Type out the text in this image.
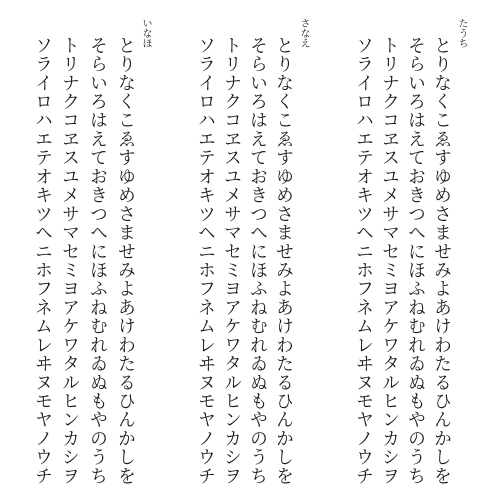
たうち
とりなくこゑすゆめさませみよあけわたるひんかしを
そらいろはえておきつへにほふねむれゐぬもやのうち
トリナクコヱスユメサマセミヨアケワタルヒンカシヲ
ソライロハエテオキツヘニホフネムレヰヌモヤノウチ
さなえ
とりなくこゑすゆめさませみよあけわたるひんかしを
そらいろはえておきつへにほふねむれゐぬもやのうち
トリナクコヱスユメサマセミヨアケワタルヒンカシヲ
ソライロハエテオキツヘニホフネムレヰヌモヤノウチ
いなほ
とりなくこゑすゆめさませみよあけわたるひんかしを
そらいろはえておきつへにほふねむれゐぬもやのうち
トリナクコヱスユメサマセミヨアケワタルヒンカシヲ
ソライロハエテオキツヘニホフネムレヰヌモヤノウチ
